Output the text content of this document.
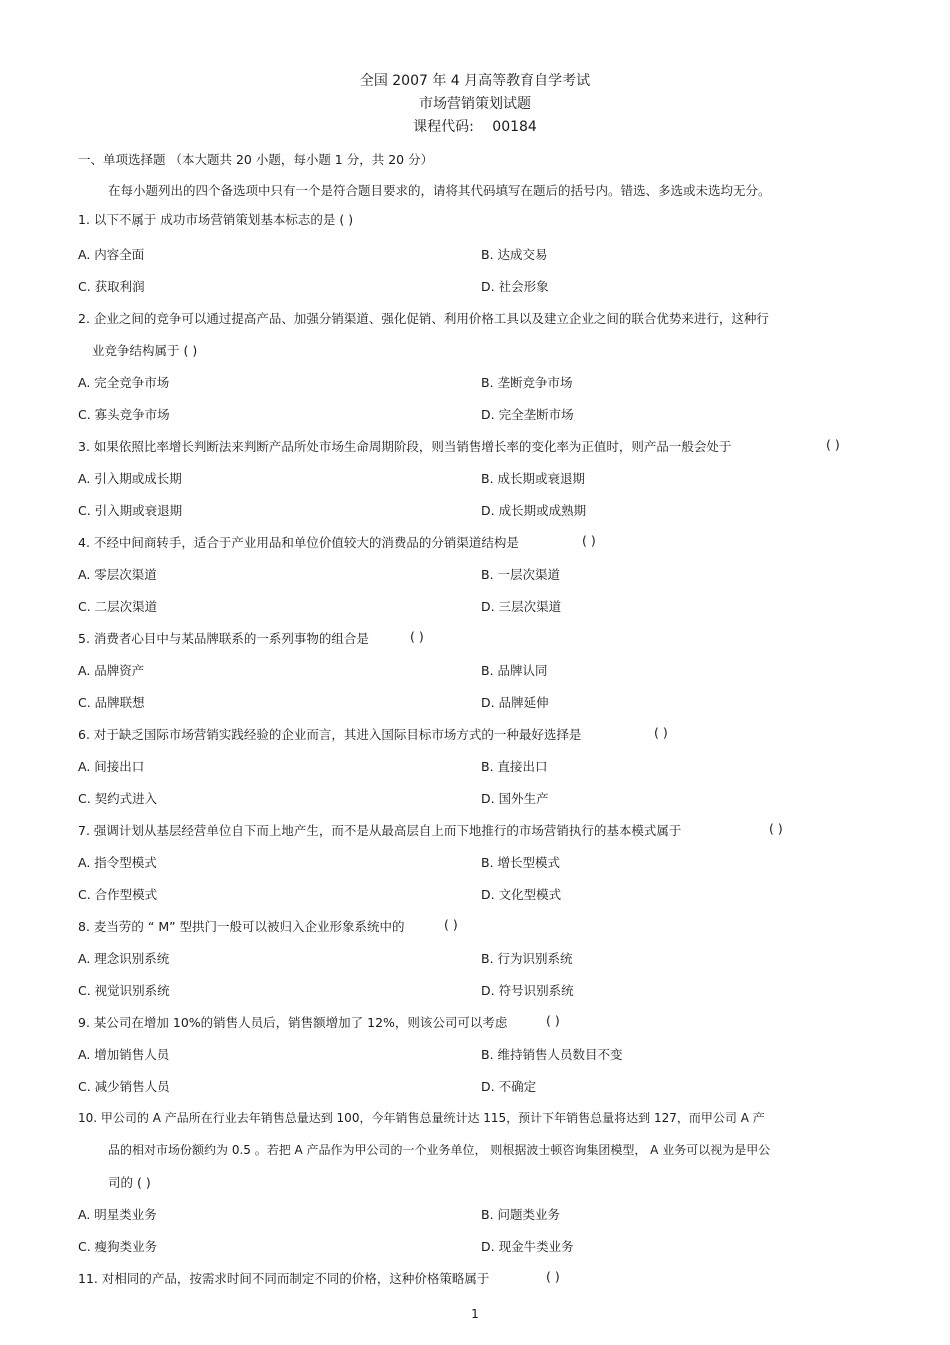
全国 2007 年 4 月高等教育自学考试
市场营销策划试题
课程代码:　 00184
一、单项选择题 （本大题共 20 小题，每小题 1 分，共 20 分）
在每小题列出的四个备选项中只有一个是符合题目要求的，请将其代码填写在题后的括号内。错选、多选或未选均无分。
1. 以下不属于 成功市场营销策划基本标志的是 ( )
A. 内容全面	B. 达成交易
C. 获取利润	D. 社会形象
2. 企业之间的竞争可以通过提高产品、加强分销渠道、强化促销、利用价格工具以及建立企业之间的联合优势来进行，这种行
业竞争结构属于 ( )
A. 完全竞争市场	B. 垄断竞争市场
C. 寡头竞争市场	D. 完全垄断市场
3. 如果依照比率增长判断法来判断产品所处市场生命周期阶段，则当销售增长率的变化率为正值时，则产品一般会处于	( )
A. 引入期或成长期	B. 成长期或衰退期
C. 引入期或衰退期	D. 成长期或成熟期
4. 不经中间商转手，适合于产业用品和单位价值较大的消费品的分销渠道结构是	( )
A. 零层次渠道	B. 一层次渠道
C. 二层次渠道	D. 三层次渠道
5. 消费者心目中与某品牌联系的一系列事物的组合是	( )
A. 品牌资产	B. 品牌认同
C. 品牌联想	D. 品牌延伸
6. 对于缺乏国际市场营销实践经验的企业而言，其进入国际目标市场方式的一种最好选择是	( )
A. 间接出口	B. 直接出口
C. 契约式进入	D. 国外生产
7. 强调计划从基层经营单位自下而上地产生，而不是从最高层自上而下地推行的市场营销执行的基本模式属于	( )
A. 指令型模式	B. 增长型模式
C. 合作型模式	D. 文化型模式
8. 麦当劳的 “ M” 型拱门一般可以被归入企业形象系统中的	( )
A. 理念识别系统	B. 行为识别系统
C. 视觉识别系统	D. 符号识别系统
9. 某公司在增加 10%的销售人员后，销售额增加了 12%，则该公司可以考虑	( )
A. 增加销售人员	B. 维持销售人员数目不变
C. 减少销售人员	D. 不确定
10. 甲公司的 A 产品所在行业去年销售总量达到 100，今年销售总量统计达 115，预计下年销售总量将达到 127，而甲公司 A 产
品的相对市场份额约为 0.5 。若把 A 产品作为甲公司的一个业务单位， 则根据波士顿咨询集团模型， A 业务可以视为是甲公
司的 ( )
A. 明星类业务	B. 问题类业务
C. 瘦狗类业务	D. 现金牛类业务
11. 对相同的产品，按需求时间不同而制定不同的价格，这种价格策略属于	( )
1
